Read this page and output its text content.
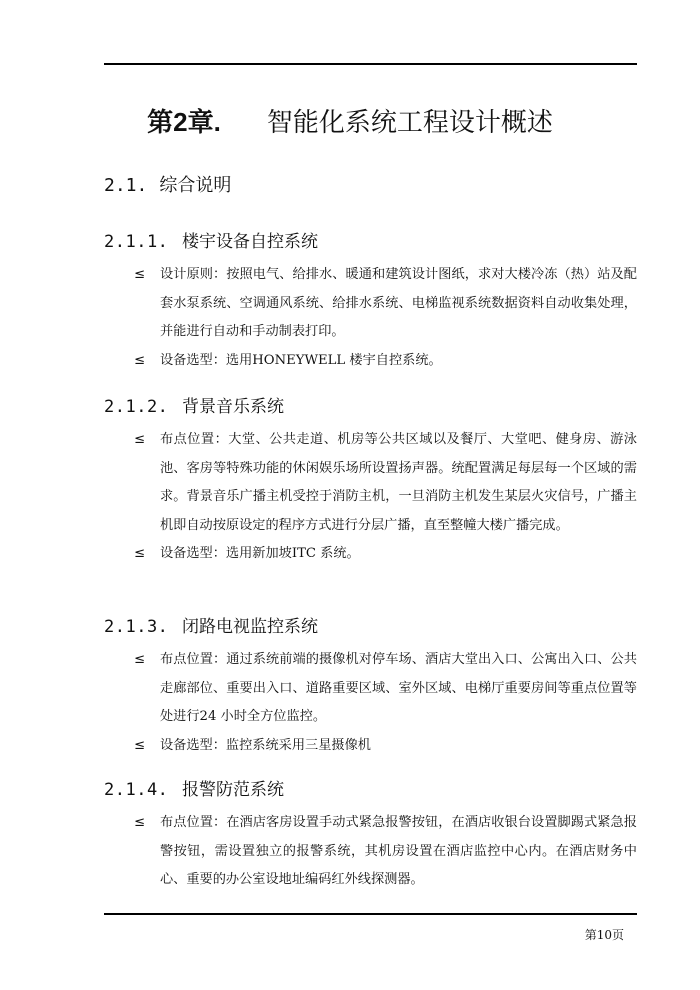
第2章. 智能化系统工程设计概述
2.1. 综合说明
2.1.1. 楼宇设备自控系统
≤ 设计原则：按照电气、给排水、暖通和建筑设计图纸，求对大楼冷冻（热）站及配套水泵系统、空调通风系统、给排水系统、电梯监视系统数据资料自动收集处理，并能进行自动和手动制表打印。
≤ 设备选型：选用HONEYWELL 楼宇自控系统。
2.1.2. 背景音乐系统
≤ 布点位置：大堂、公共走道、机房等公共区域以及餐厅、大堂吧、健身房、游泳池、客房等特殊功能的休闲娱乐场所设置扬声器。统配置满足每层每一个区域的需求。背景音乐广播主机受控于消防主机，一旦消防主机发生某层火灾信号，广播主机即自动按原设定的程序方式进行分层广播，直至整幢大楼广播完成。
≤ 设备选型：选用新加坡ITC 系统。
2.1.3. 闭路电视监控系统
≤ 布点位置：通过系统前端的摄像机对停车场、酒店大堂出入口、公寓出入口、公共走廊部位、重要出入口、道路重要区域、室外区域、电梯厅重要房间等重点位置等处进行24 小时全方位监控。
≤ 设备选型：监控系统采用三星摄像机
2.1.4. 报警防范系统
≤ 布点位置：在酒店客房设置手动式紧急报警按钮，在酒店收银台设置脚踢式紧急报警按钮，需设置独立的报警系统，其机房设置在酒店监控中心内。在酒店财务中心、重要的办公室设地址编码红外线探测器。
第10页
